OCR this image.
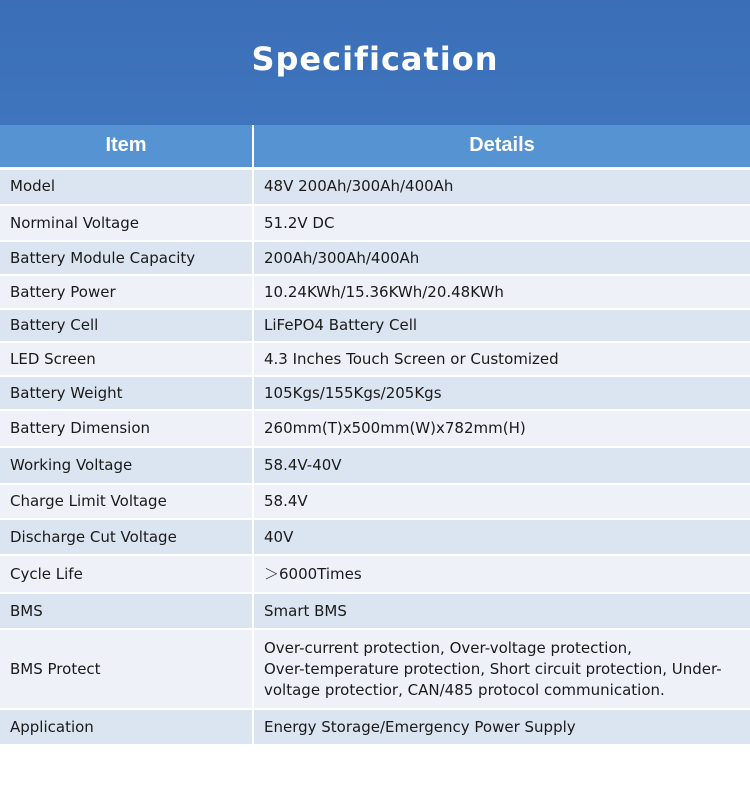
Specification
Item	Details
Model	48V 200Ah/300Ah/400Ah
Norminal Voltage	51.2V DC
Battery Module Capacity	200Ah/300Ah/400Ah
Battery Power	10.24KWh/15.36KWh/20.48KWh
Battery Cell	LiFePO4 Battery Cell
LED Screen	4.3 Inches Touch Screen or Customized
Battery Weight	105Kgs/155Kgs/205Kgs
Battery Dimension	260mm(T)x500mm(W)x782mm(H)
Working Voltage	58.4V-40V
Charge Limit Voltage	58.4V
Discharge Cut Voltage	40V
Cycle Life	＞6000Times
BMS	Smart BMS
BMS Protect	Over-current protection, Over-voltage protection,
Over-temperature protection, Short circuit protection, Under-voltage protectior, CAN/485 protocol communication.
Application	Energy Storage/Emergency Power Supply
